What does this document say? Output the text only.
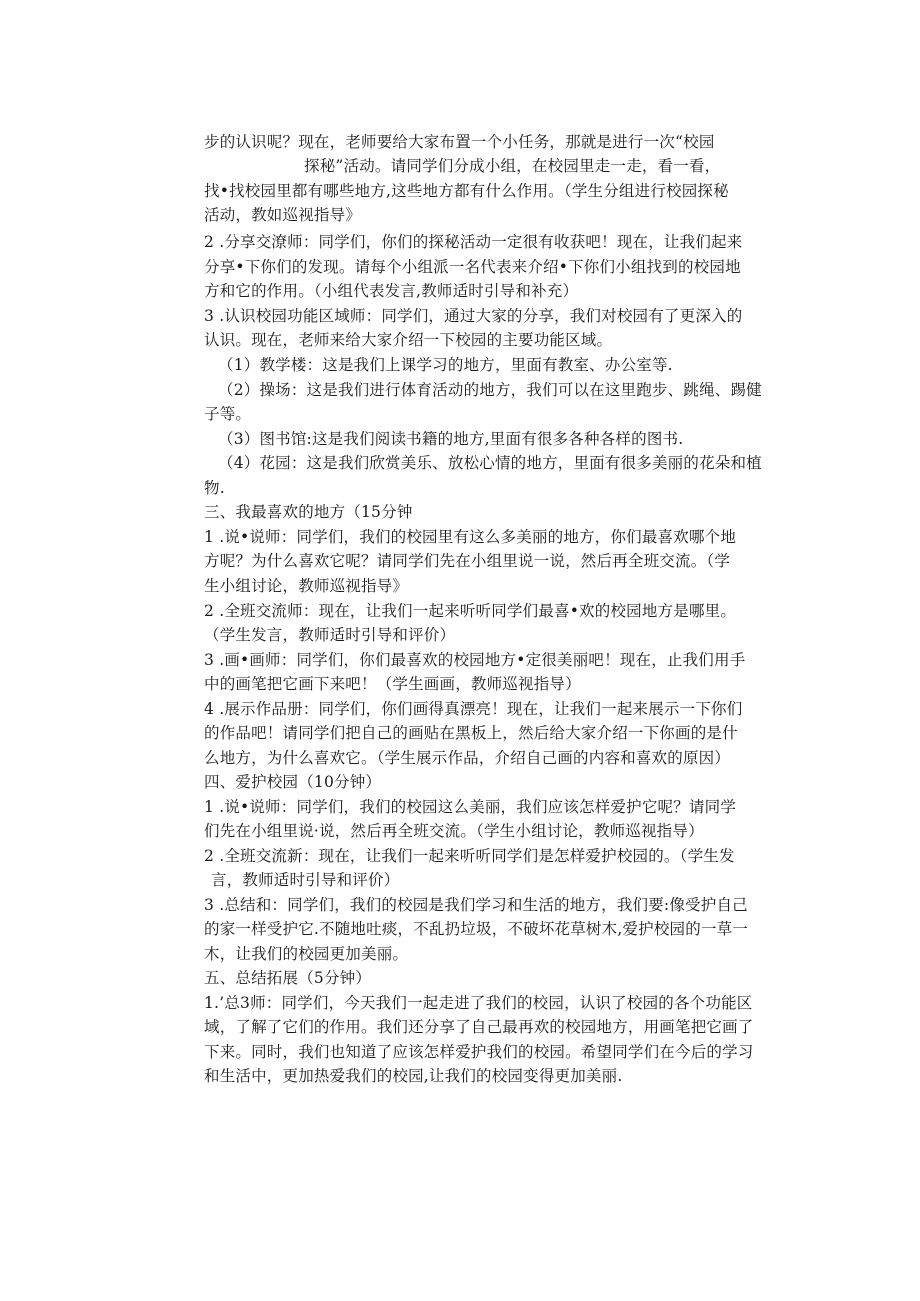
步的认识呢？现在，老师要给大家布置一个小任务，那就是进行一次“校园
探秘”活动。请同学们分成小组，在校园里走一走，看一看，
找•找校园里都有哪些地方,这些地方都有什么作用。（学生分组进行校园探秘
活动，教如巡视指导》
2 .分享交潦师：同学们，你们的探秘活动一定很有收获吧！现在，让我们起来
分享•下你们的发现。请每个小组派一名代表来介绍•下你们小组找到的校园地
方和它的作用。（小组代表发言,教师适时引导和补充）
3 .认识校园功能区域师：同学们，通过大家的分享，我们对校园有了更深入的
认识。现在，老师来给大家介绍一下校园的主要功能区域。
（1）教学楼：这是我们上课学习的地方，里面有教室、办公室等.
（2）操场：这是我们进行体育活动的地方，我们可以在这里跑步、跳绳、踢健
子等。
（3）图书馆:这是我们阅读书籍的地方,里面有很多各种各样的图书.
（4）花园：这是我们欣赏美乐、放松心情的地方，里面有很多美丽的花朵和植
物.
三、我最喜欢的地方（15分钟
1 .说•说师：同学们，我们的校园里有这么多美丽的地方，你们最喜欢哪个地
方呢？为什么喜欢它呢？请同学们先在小组里说一说，然后再全班交流。（学
生小组讨论，教师巡视指导》
2 .全班交流师：现在，让我们一起来听听同学们最喜•欢的校园地方是哪里。
（学生发言，教师适时引导和评价）
3 .画•画师：同学们，你们最喜欢的校园地方•定很美丽吧！现在，止我们用手
中的画笔把它画下来吧！（学生画画，教师巡视指导）
4 .展示作品册：同学们，你们画得真漂亮！现在，让我们一起来展示一下你们
的作品吧！请同学们把自己的画贴在黑板上，然后给大家介绍一下你画的是什
么地方，为什么喜欢它。（学生展示作品，介绍自己画的内容和喜欢的原因）
四、爱护校园（10分钟）
1 .说•说师：同学们，我们的校园这么美丽，我们应该怎样爱护它呢？请同学
们先在小组里说·说，然后再全班交流。（学生小组讨论，教师巡视指导）
2 .全班交流新：现在，让我们一起来听听同学们是怎样爱护校园的。（学生发
言，教师适时引导和评价）
3 .总结和：同学们，我们的校园是我们学习和生活的地方，我们要:像受护自己
的家一样受护它.不随地吐痰，不乱扔垃圾，不破坏花草树木,爱护校园的一草一
木，让我们的校园更加美丽。
五、总结拓展（5分钟）
1.’总3师：同学们，今天我们一起走进了我们的校园，认识了校园的各个功能区
域，了解了它们的作用。我们还分享了自己最再欢的校园地方，用画笔把它画了
下来。同时，我们也知道了应该怎样爱护我们的校园。希望同学们在今后的学习
和生活中，更加热爱我们的校园,让我们的校园变得更加美丽.
